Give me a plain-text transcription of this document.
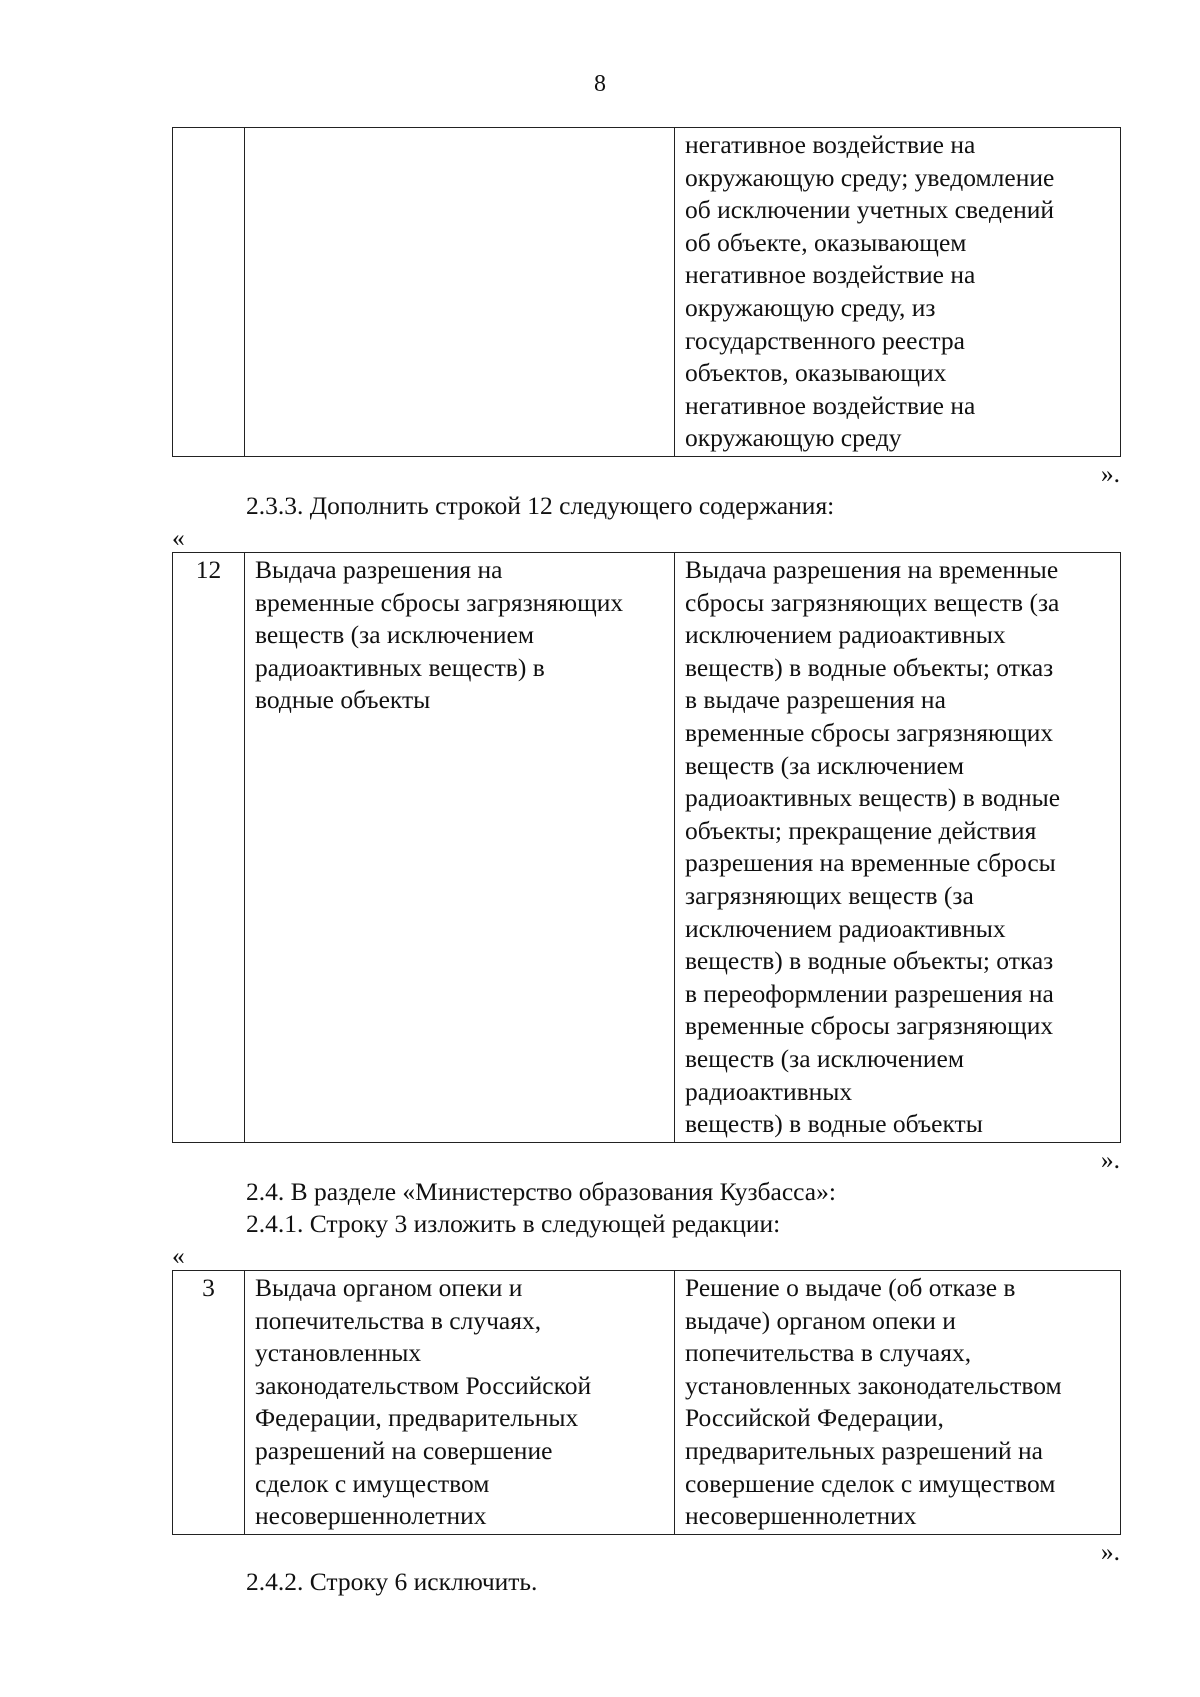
8
		негативное воздействие на
окружающую среду; уведомление
об исключении учетных сведений
об объекте, оказывающем
негативное воздействие на
окружающую среду, из
государственного реестра
объектов, оказывающих
негативное воздействие на
окружающую среду
».
2.3.3. Дополнить строкой 12 следующего содержания:
«
12	Выдача разрешения на
временные сбросы загрязняющих
веществ (за исключением
радиоактивных веществ) в
водные объекты	Выдача разрешения на временные
сбросы загрязняющих веществ (за
исключением радиоактивных
веществ) в водные объекты; отказ
в выдаче разрешения на
временные сбросы загрязняющих
веществ (за исключением
радиоактивных веществ) в водные
объекты; прекращение действия
разрешения на временные сбросы
загрязняющих веществ (за
исключением радиоактивных
веществ) в водные объекты; отказ
в переоформлении разрешения на
временные сбросы загрязняющих
веществ (за исключением
радиоактивных
веществ) в водные объекты
».
2.4. В разделе «Министерство образования Кузбасса»:
2.4.1. Строку 3 изложить в следующей редакции:
«
3	Выдача органом опеки и
попечительства в случаях,
установленных
законодательством Российской
Федерации, предварительных
разрешений на совершение
сделок с имуществом
несовершеннолетних	Решение о выдаче (об отказе в
выдаче) органом опеки и
попечительства в случаях,
установленных законодательством
Российской Федерации,
предварительных разрешений на
совершение сделок с имуществом
несовершеннолетних
».
2.4.2. Строку 6 исключить.
